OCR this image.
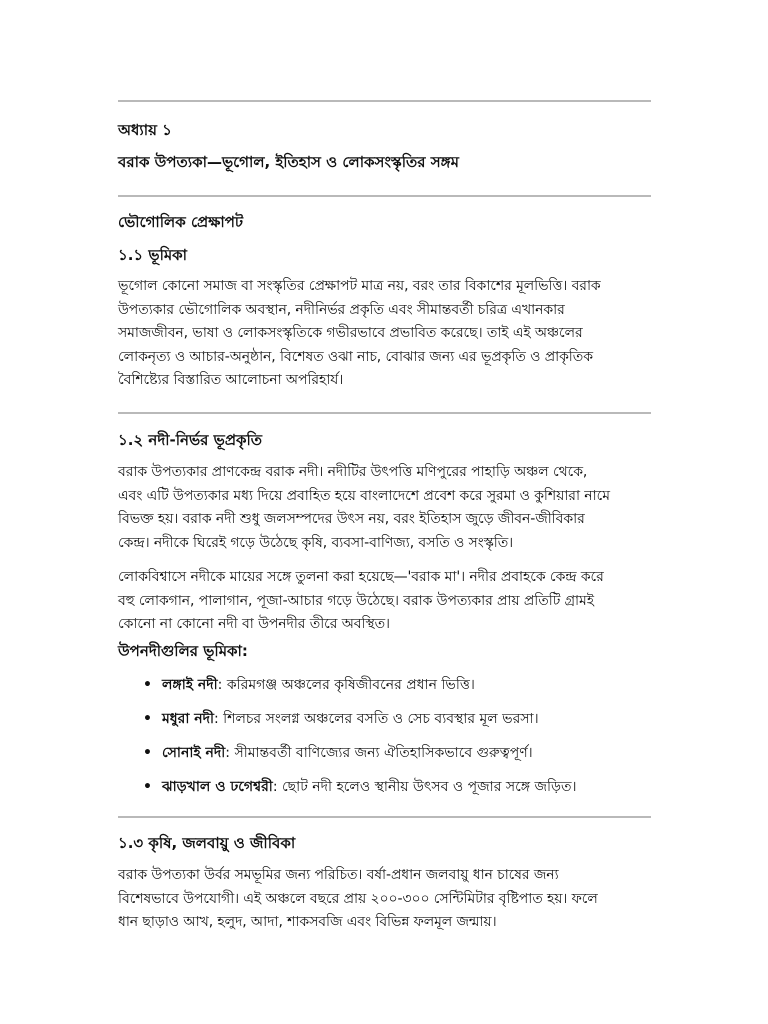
অধ্যায় ১

বরাক উপত্যকা—ভূগোল, ইতিহাস ও লোকসংস্কৃতির সঙ্গম

ভৌগোলিক প্রেক্ষাপট

১.১ ভূমিকা

ভূগোল কোনো সমাজ বা সংস্কৃতির প্রেক্ষাপট মাত্র নয়, বরং তার বিকাশের মূলভিত্তি। বরাক
উপত্যকার ভৌগোলিক অবস্থান, নদীনির্ভর প্রকৃতি এবং সীমান্তবর্তী চরিত্র এখানকার
সমাজজীবন, ভাষা ও লোকসংস্কৃতিকে গভীরভাবে প্রভাবিত করেছে। তাই এই অঞ্চলের
লোকনৃত্য ও আচার-অনুষ্ঠান, বিশেষত ওঝা নাচ, বোঝার জন্য এর ভূপ্রকৃতি ও প্রাকৃতিক
বৈশিষ্ট্যের বিস্তারিত আলোচনা অপরিহার্য।

১.২ নদী-নির্ভর ভূপ্রকৃতি

বরাক উপত্যকার প্রাণকেন্দ্র বরাক নদী। নদীটির উৎপত্তি মণিপুরের পাহাড়ি অঞ্চল থেকে,
এবং এটি উপত্যকার মধ্য দিয়ে প্রবাহিত হয়ে বাংলাদেশে প্রবেশ করে সুরমা ও কুশিয়ারা নামে
বিভক্ত হয়। বরাক নদী শুধু জলসম্পদের উৎস নয়, বরং ইতিহাস জুড়ে জীবন-জীবিকার
কেন্দ্র। নদীকে ঘিরেই গড়ে উঠেছে কৃষি, ব্যবসা-বাণিজ্য, বসতি ও সংস্কৃতি।

লোকবিশ্বাসে নদীকে মায়ের সঙ্গে তুলনা করা হয়েছে—'বরাক মা'। নদীর প্রবাহকে কেন্দ্র করে
বহু লোকগান, পালাগান, পূজা-আচার গড়ে উঠেছে। বরাক উপত্যকার প্রায় প্রতিটি গ্রামই
কোনো না কোনো নদী বা উপনদীর তীরে অবস্থিত।

উপনদীগুলির ভূমিকা:

• লঙ্গাই নদী: করিমগঞ্জ অঞ্চলের কৃষিজীবনের প্রধান ভিত্তি।
• মধুরা নদী: শিলচর সংলগ্ন অঞ্চলের বসতি ও সেচ ব্যবস্থার মূল ভরসা।
• সোনাই নদী: সীমান্তবর্তী বাণিজ্যের জন্য ঐতিহাসিকভাবে গুরুত্বপূর্ণ।
• ঝাড়খাল ও ঢগেশ্বরী: ছোট নদী হলেও স্থানীয় উৎসব ও পূজার সঙ্গে জড়িত।

১.৩ কৃষি, জলবায়ু ও জীবিকা

বরাক উপত্যকা উর্বর সমভূমির জন্য পরিচিত। বর্ষা-প্রধান জলবায়ু ধান চাষের জন্য
বিশেষভাবে উপযোগী। এই অঞ্চলে বছরে প্রায় ২০০-৩০০ সেন্টিমিটার বৃষ্টিপাত হয়। ফলে
ধান ছাড়াও আখ, হলুদ, আদা, শাকসবজি এবং বিভিন্ন ফলমূল জন্মায়।
